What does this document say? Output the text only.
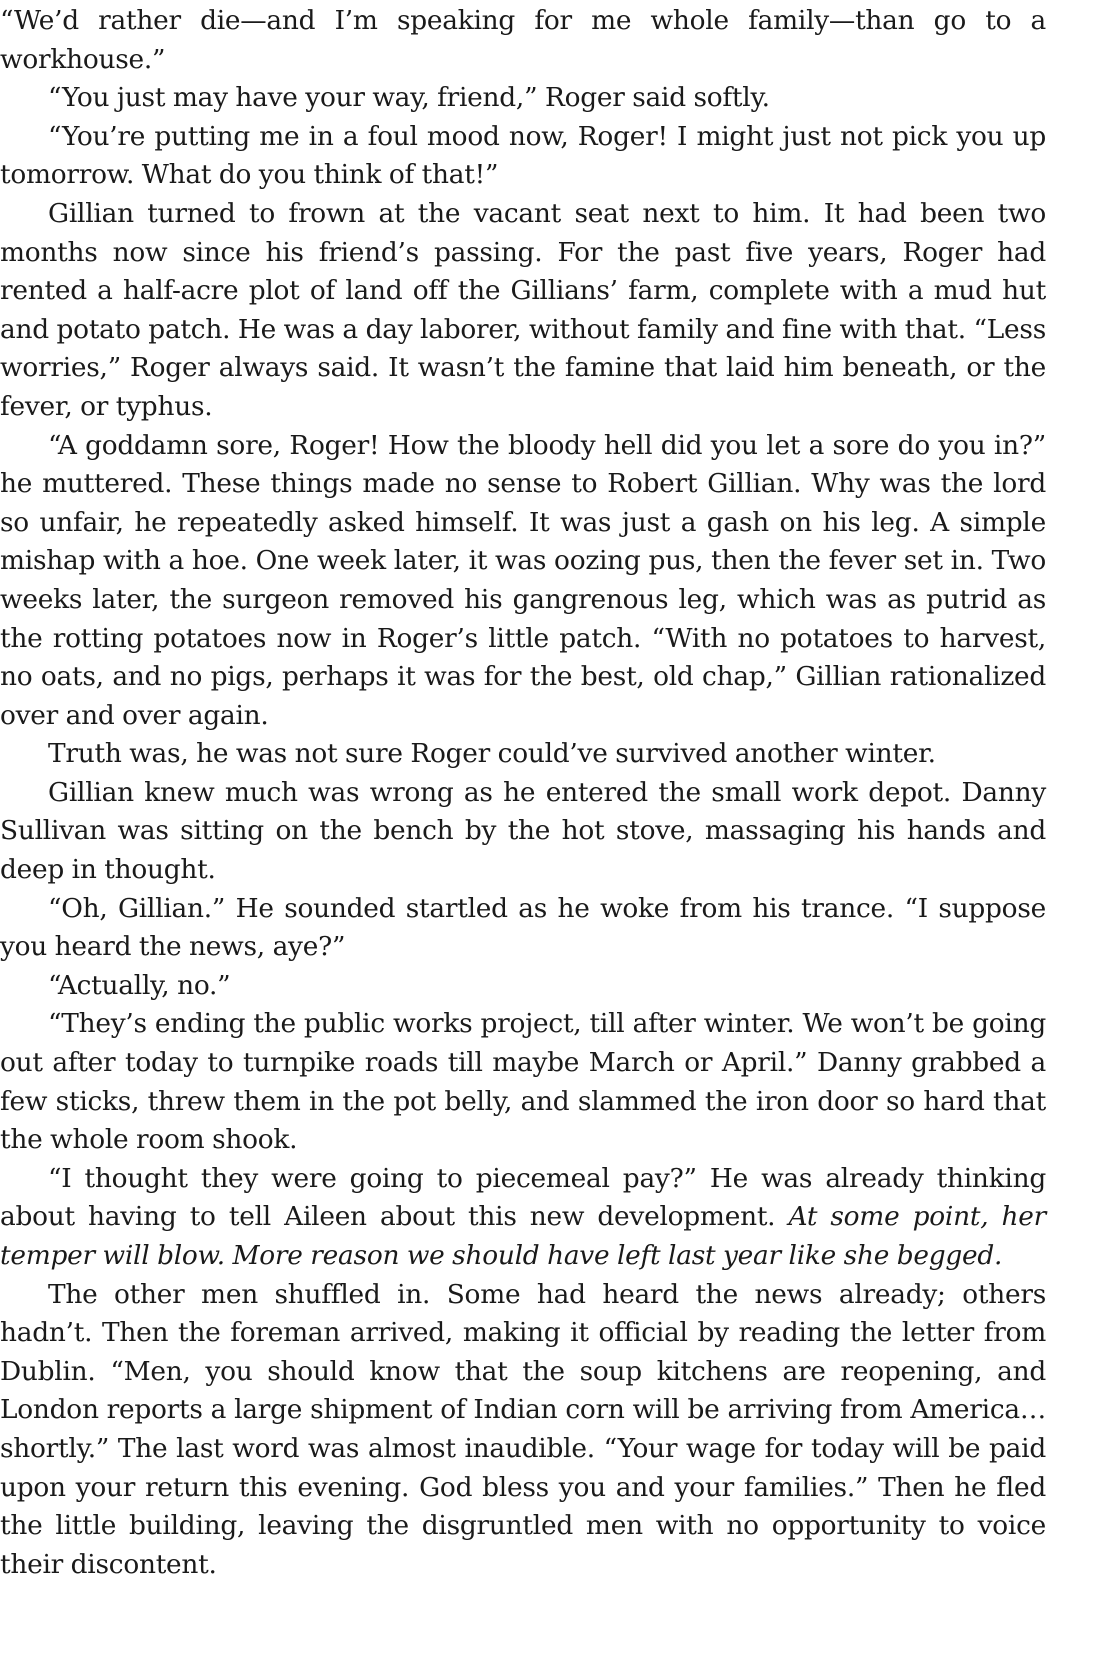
“We’d rather die—and I’m speaking for me whole family—than go to a workhouse.”

“You just may have your way, friend,” Roger said softly.

“You’re putting me in a foul mood now, Roger! I might just not pick you up tomorrow. What do you think of that!”

Gillian turned to frown at the vacant seat next to him. It had been two months now since his friend’s passing. For the past five years, Roger had rented a half-acre plot of land off the Gillians’ farm, complete with a mud hut and potato patch. He was a day laborer, without family and fine with that. “Less worries,” Roger always said. It wasn’t the famine that laid him beneath, or the fever, or typhus.

“A goddamn sore, Roger! How the bloody hell did you let a sore do you in?” he muttered. These things made no sense to Robert Gillian. Why was the lord so unfair, he repeatedly asked himself. It was just a gash on his leg. A simple mishap with a hoe. One week later, it was oozing pus, then the fever set in. Two weeks later, the surgeon removed his gangrenous leg, which was as putrid as the rotting potatoes now in Roger’s little patch. “With no potatoes to harvest, no oats, and no pigs, perhaps it was for the best, old chap,” Gillian rationalized over and over again.

Truth was, he was not sure Roger could’ve survived another winter.

Gillian knew much was wrong as he entered the small work depot. Danny Sullivan was sitting on the bench by the hot stove, massaging his hands and deep in thought.

“Oh, Gillian.” He sounded startled as he woke from his trance. “I suppose you heard the news, aye?”

“Actually, no.”

“They’s ending the public works project, till after winter. We won’t be going out after today to turnpike roads till maybe March or April.” Danny grabbed a few sticks, threw them in the pot belly, and slammed the iron door so hard that the whole room shook.

“I thought they were going to piecemeal pay?” He was already thinking about having to tell Aileen about this new development. At some point, her temper will blow. More reason we should have left last year like she begged.

The other men shuffled in. Some had heard the news already; others hadn’t. Then the foreman arrived, making it official by reading the letter from Dublin. “Men, you should know that the soup kitchens are reopening, and London reports a large shipment of Indian corn will be arriving from America… shortly.” The last word was almost inaudible. “Your wage for today will be paid upon your return this evening. God bless you and your families.” Then he fled the little building, leaving the disgruntled men with no opportunity to voice their discontent.
